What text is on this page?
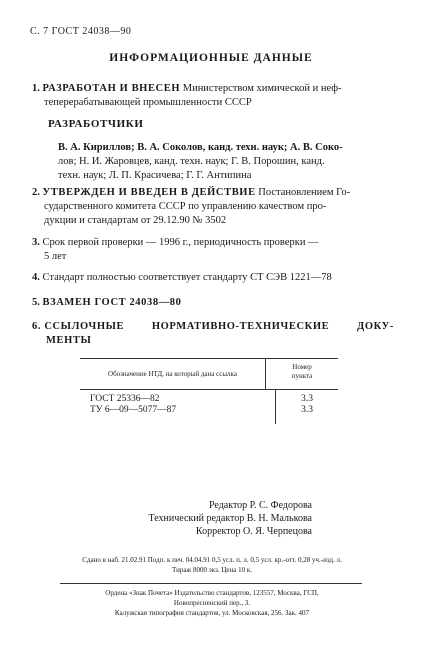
С. 7 ГОСТ 24038—90
ИНФОРМАЦИОННЫЕ ДАННЫЕ
1. РАЗРАБОТАН И ВНЕСЕН Министерством химической и неф-
теперерабатывающей промышленности СССР
РАЗРАБОТЧИКИ
В. А. Кириллов; В. А. Соколов, канд. техн. наук; А. В. Соко-
лов; Н. И. Жаровцев, канд. техн. наук; Г. В. Порошин, канд.
техн. наук; Л. П. Красичева; Г. Г. Антипина
2. УТВЕРЖДЕН И ВВЕДЕН В ДЕЙСТВИЕ Постановлением Го-
сударственного комитета СССР по управлению качеством про-
дукции и стандартам от 29.12.90 № 3502
3. Срок первой проверки — 1996 г., периодичность проверки —
5 лет
4. Стандарт полностью соответствует стандарту СТ СЭВ 1221—78
5. ВЗАМЕН ГОСТ 24038—80
6. ССЫЛОЧНЫЕ	НОРМАТИВНО-ТЕХНИЧЕСКИЕ	ДОКУ-
МЕНТЫ
Обозначение НТД, на который дана ссылка
Номер
пункта
ГОСТ 25336—82
ТУ 6—09—5077—87
3.3
3.3
Редактор Р. С. Федорова
Технический редактор В. Н. Малькова
Корректор О. Я. Черпецова
Сдано в наб. 21.02.91 Подп. к печ. 04.04.91 0,5 усл. п. л. 0,5 усл. кр.-отт. 0,28 уч.-изд. л.
Тираж 8000 экз. Цена 10 к.
Ордена «Знак Почета» Издательство стандартов, 123557, Москва, ГСП,
Новопресненский пер., 3.
Калужская типография стандартов, ул. Московская, 256. Зак. 407
